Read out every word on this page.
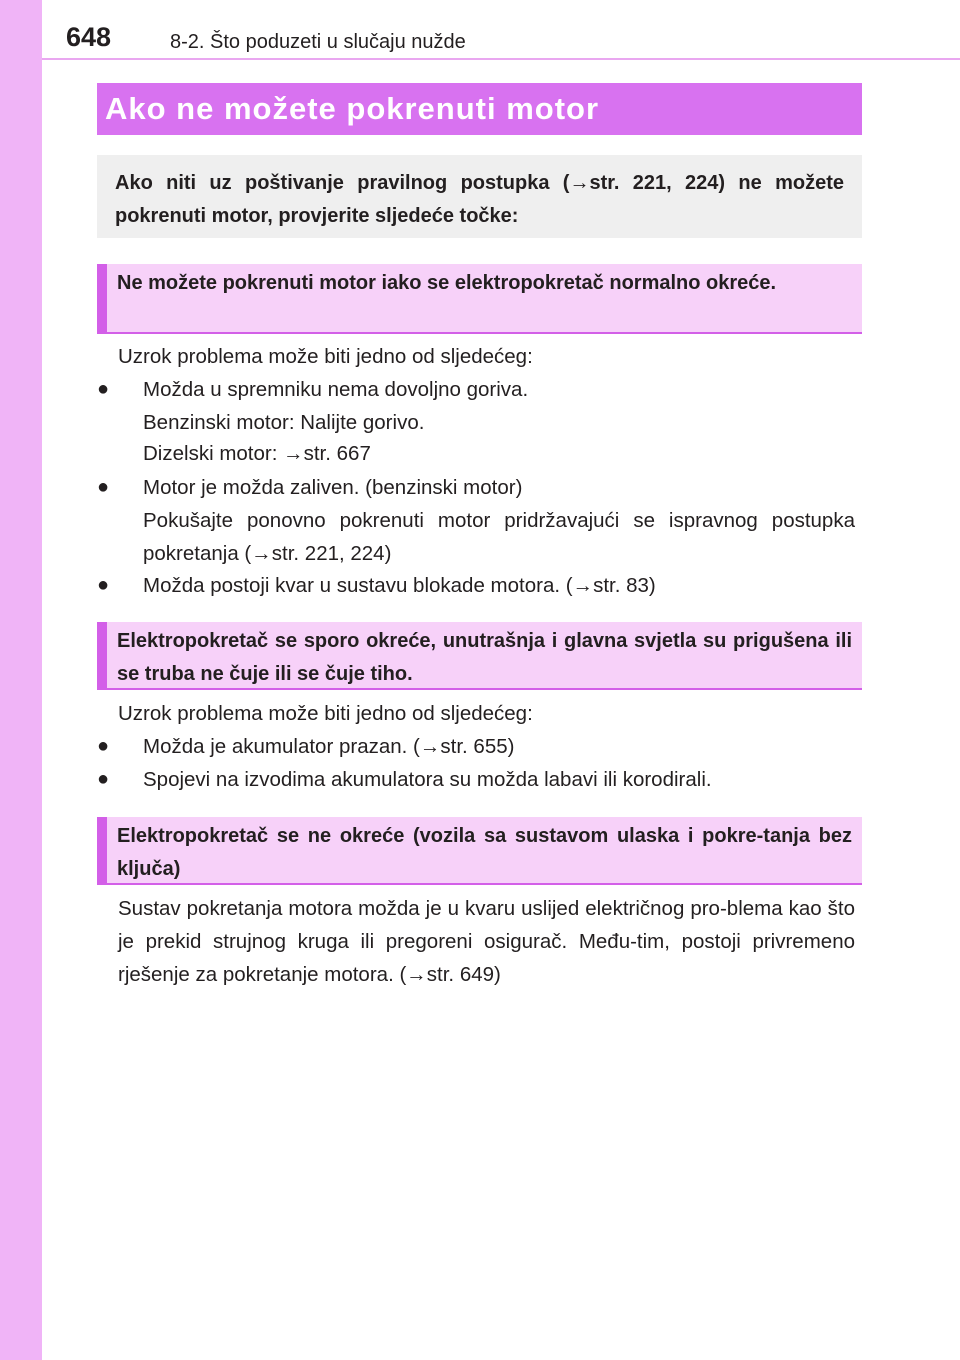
648	8-2. Što poduzeti u slučaju nužde
Ako ne možete pokrenuti motor
Ako niti uz poštivanje pravilnog postupka (→str. 221, 224) ne možete pokrenuti motor, provjerite sljedeće točke:
Ne možete pokrenuti motor iako se elektropokretač normalno okreće.
Uzrok problema može biti jedno od sljedećeg:
●	Možda u spremniku nema dovoljno goriva.
Benzinski motor: Nalijte gorivo.
Dizelski motor: →str. 667
●	Motor je možda zaliven. (benzinski motor)
Pokušajte ponovno pokrenuti motor pridržavajući se ispravnog postupka pokretanja (→str. 221, 224)
●	Možda postoji kvar u sustavu blokade motora. (→str. 83)
Elektropokretač se sporo okreće, unutrašnja i glavna svjetla su prigušena ili se truba ne čuje ili se čuje tiho.
Uzrok problema može biti jedno od sljedećeg:
●	Možda je akumulator prazan. (→str. 655)
●	Spojevi na izvodima akumulatora su možda labavi ili korodirali.
Elektropokretač se ne okreće (vozila sa sustavom ulaska i pokre-tanja bez ključa)
Sustav pokretanja motora možda je u kvaru uslijed električnog pro-blema kao što je prekid strujnog kruga ili pregoreni osigurač. Među-tim, postoji privremeno rješenje za pokretanje motora. (→str. 649)
